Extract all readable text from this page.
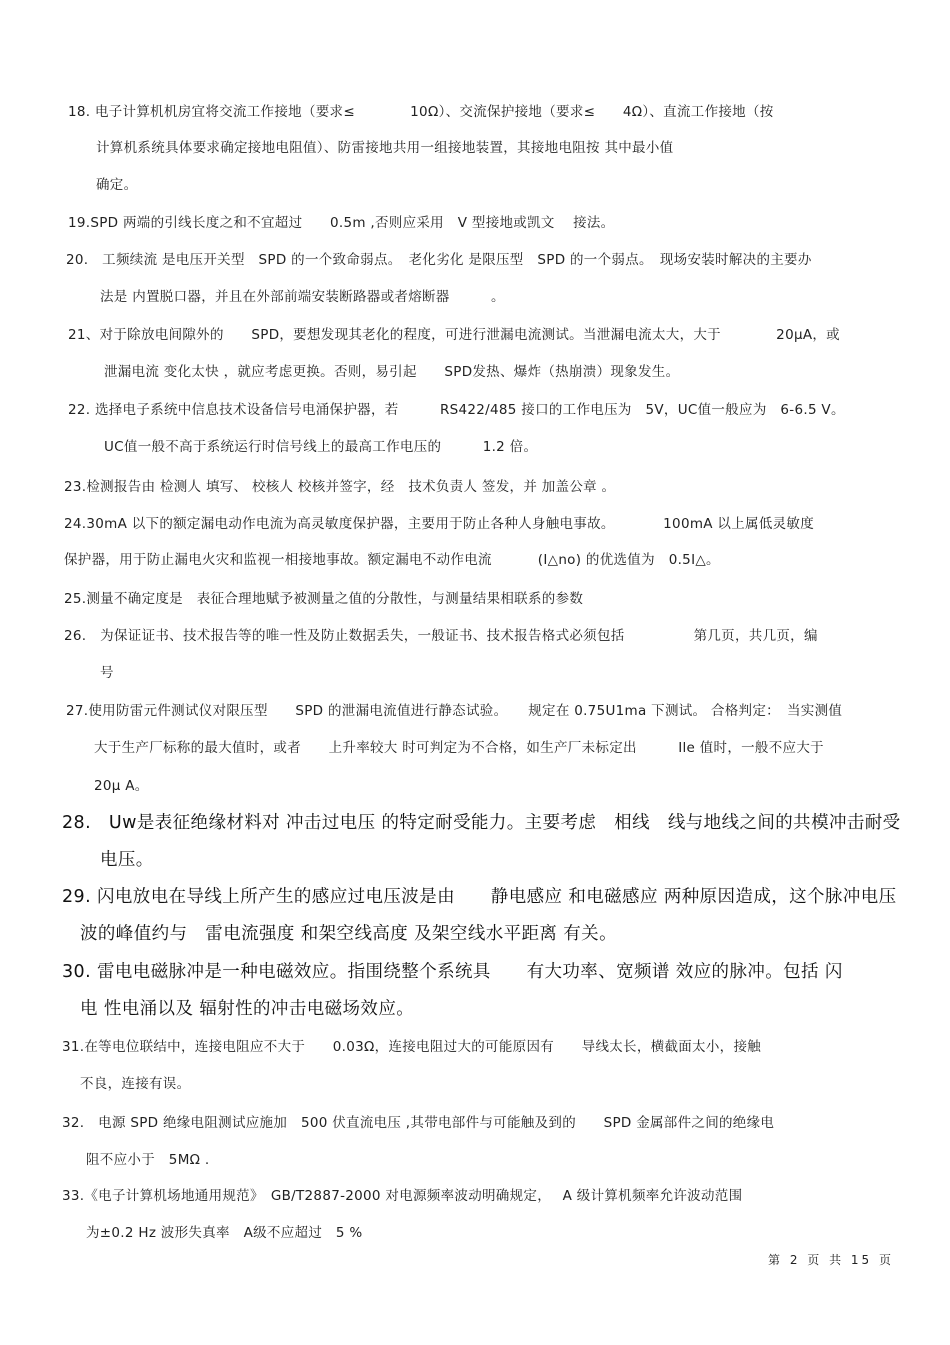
18. 电子计算机机房宜将交流工作接地（要求≤　　　　10Ω）、交流保护接地（要求≤　　4Ω）、直流工作接地（按
计算机系统具体要求确定接地电阻值）、防雷接地共用一组接地装置，其接地电阻按 其中最小值
确定。
19.SPD 两端的引线长度之和不宜超过　　0.5m ,否则应采用　V 型接地或凯文　 接法。
20.　工频续流 是电压开关型　SPD 的一个致命弱点。　老化劣化 是限压型　SPD 的一个弱点。　现场安装时解决的主要办
法是 内置脱口器，并且在外部前端安装断路器或者熔断器　　　。
21、对于除放电间隙外的　　SPD，要想发现其老化的程度，可进行泄漏电流测试。当泄漏电流太大，大于　　　　20μA，或
泄漏电流 变化太快 ，就应考虑更换。否则，易引起　　SPD发热、爆炸（热崩溃）现象发生。
22. 选择电子系统中信息技术设备信号电涌保护器，若　　　RS422/485 接口的工作电压为　5V，UC值一般应为　6-6.5 V。
UC值一般不高于系统运行时信号线上的最高工作电压的　　　1.2 倍。
23.检测报告由 检测人 填写、 校核人 校核并签字，经　技术负责人 签发，并 加盖公章 。
24.30mA 以下的额定漏电动作电流为高灵敏度保护器，主要用于防止各种人身触电事故。　　　　100mA 以上属低灵敏度
保护器，用于防止漏电火灾和监视一相接地事故。额定漏电不动作电流　　　 (I△no) 的优选值为　0.5I△。
25.测量不确定度是　表征合理地赋予被测量之值的分散性，与测量结果相联系的参数
26.　为保证证书、技术报告等的唯一性及防止数据丢失，一般证书、技术报告格式必须包括　　　　　第几页，共几页，编
号
27.使用防雷元件测试仪对限压型　　SPD 的泄漏电流值进行静态试验。　　规定在 0.75U1ma 下测试。 合格判定：　当实测值
大于生产厂标称的最大值时，或者　　上升率较大 时可判定为不合格，如生产厂未标定出　　　Ile 值时，一般不应大于
20μ A。
28.　Uw是表征绝缘材料对 冲击过电压 的特定耐受能力。主要考虑　相线　线与地线之间的共模冲击耐受
电压。
29. 闪电放电在导线上所产生的感应过电压波是由　　静电感应 和电磁感应 两种原因造成，这个脉冲电压
波的峰值约与　雷电流强度 和架空线高度 及架空线水平距离 有关。
30. 雷电电磁脉冲是一种电磁效应。指围绕整个系统具　　有大功率、宽频谱 效应的脉冲。包括 闪
电 性电涌以及 辐射性的冲击电磁场效应。
31.在等电位联结中，连接电阻应不大于　　0.03Ω，连接电阻过大的可能原因有　　导线太长，横截面太小，接触
不良，连接有误。
32.　电源 SPD 绝缘电阻测试应施加　500 伏直流电压 ,其带电部件与可能触及到的　　SPD 金属部件之间的绝缘电
阻不应小于　5MΩ .
33.《电子计算机场地通用规范》　GB/T2887-2000 对电源频率波动明确规定，　 A 级计算机频率允许波动范围
为±0.2 Hz 波形失真率　A级不应超过　5 %
第 2 页 共 15 页
